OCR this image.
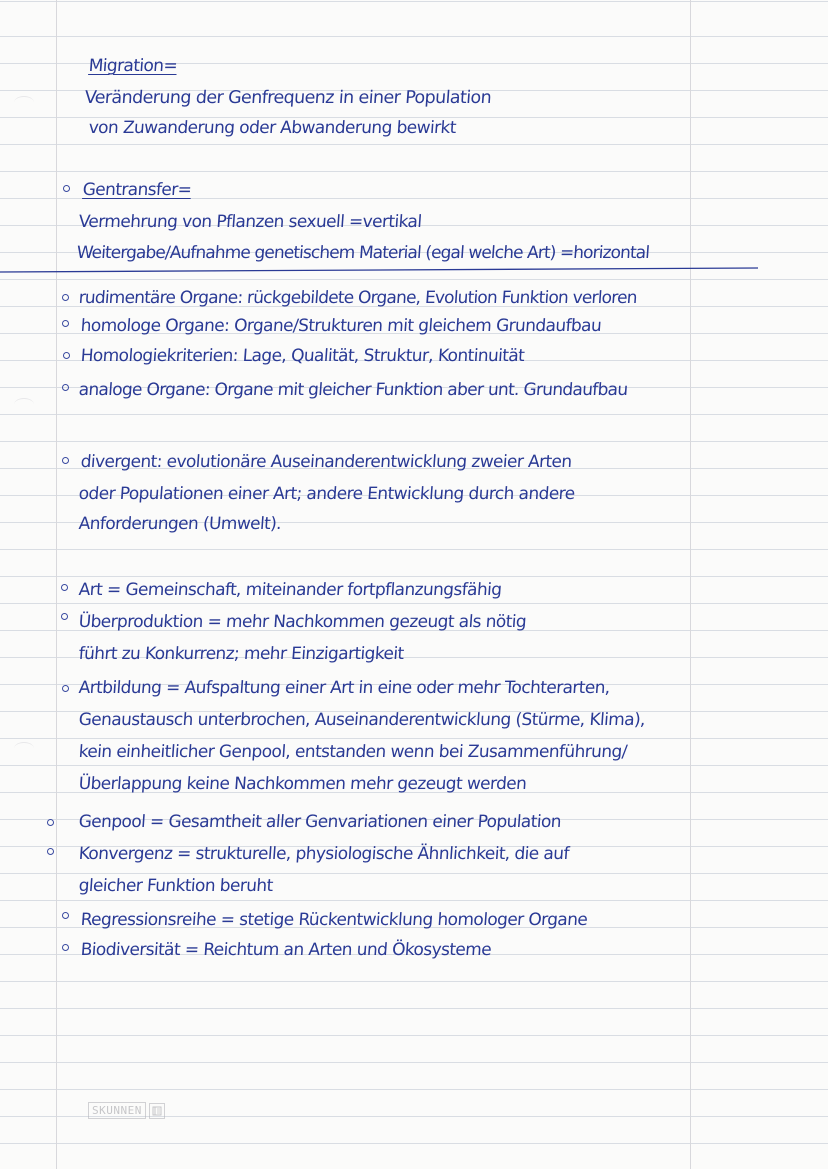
Migration=
Veränderung der Genfrequenz in einer Population
von Zuwanderung oder Abwanderung bewirkt
Gentransfer=
Vermehrung von Pflanzen sexuell =vertikal
Weitergabe/Aufnahme genetischem Material (egal welche Art) =horizontal
rudimentäre Organe: rückgebildete Organe, Evolution Funktion verloren
homologe Organe: Organe/Strukturen mit gleichem Grundaufbau
Homologiekriterien: Lage, Qualität, Struktur, Kontinuität
analoge Organe: Organe mit gleicher Funktion aber unt. Grundaufbau
divergent: evolutionäre Auseinanderentwicklung zweier Arten
oder Populationen einer Art; andere Entwicklung durch andere
Anforderungen (Umwelt).
Art = Gemeinschaft, miteinander fortpflanzungsfähig
Überproduktion = mehr Nachkommen gezeugt als nötig
führt zu Konkurrenz; mehr Einzigartigkeit
Artbildung = Aufspaltung einer Art in eine oder mehr Tochterarten,
Genaustausch unterbrochen, Auseinanderentwicklung (Stürme, Klima),
kein einheitlicher Genpool, entstanden wenn bei Zusammenführung/
Überlappung keine Nachkommen mehr gezeugt werden
Genpool = Gesamtheit aller Genvariationen einer Population
Konvergenz = strukturelle, physiologische Ähnlichkeit, die auf
gleicher Funktion beruht
Regressionsreihe = stetige Rückentwicklung homologer Organe
Biodiversität = Reichtum an Arten und Ökosysteme
SKUNNEN
